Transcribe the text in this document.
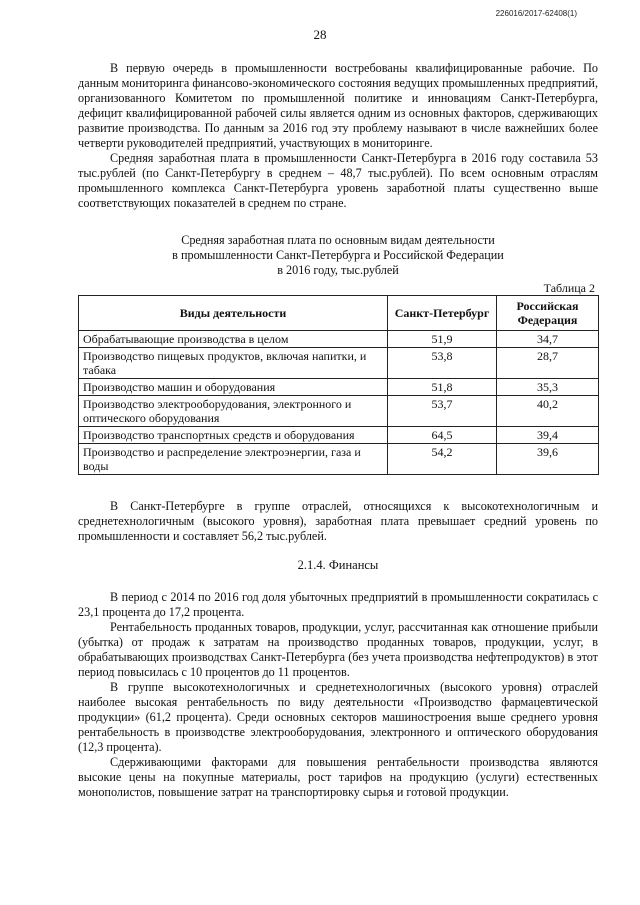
226016/2017-62408(1)
28

В первую очередь в промышленности востребованы квалифицированные рабочие. По данным мониторинга финансово-экономического состояния ведущих промышленных предприятий, организованного Комитетом по промышленной политике и инновациям Санкт-Петербурга, дефицит квалифицированной рабочей силы является одним из основных факторов, сдерживающих развитие производства. По данным за 2016 год эту проблему называют в числе важнейших более четверти руководителей предприятий, участвующих в мониторинге.

Средняя заработная плата в промышленности Санкт-Петербурга в 2016 году составила 53 тыс.рублей (по Санкт-Петербургу в среднем – 48,7 тыс.рублей). По всем основным отраслям промышленного комплекса Санкт-Петербурга уровень заработной платы существенно выше соответствующих показателей в среднем по стране.

Средняя заработная плата по основным видам деятельности
в промышленности Санкт-Петербурга и Российской Федерации
в 2016 году, тыс.рублей
Таблица 2
Виды деятельности	Санкт-Петербург	Российская Федерация
Обрабатывающие производства в целом	51,9	34,7
Производство пищевых продуктов, включая напитки, и табака	53,8	28,7
Производство машин и оборудования	51,8	35,3
Производство электрооборудования, электронного и оптического оборудования	53,7	40,2
Производство транспортных средств и оборудования	64,5	39,4
Производство и распределение электроэнергии, газа и воды	54,2	39,6

В Санкт-Петербурге в группе отраслей, относящихся к высокотехнологичным и среднетехнологичным (высокого уровня), заработная плата превышает средний уровень по промышленности и составляет 56,2 тыс.рублей.

2.1.4. Финансы

В период с 2014 по 2016 год доля убыточных предприятий в промышленности сократилась с 23,1 процента до 17,2 процента.

Рентабельность проданных товаров, продукции, услуг, рассчитанная как отношение прибыли (убытка) от продаж к затратам на производство проданных товаров, продукции, услуг, в обрабатывающих производствах Санкт-Петербурга (без учета производства нефтепродуктов) в этот период повысилась с 10 процентов до 11 процентов.

В группе высокотехнологичных и среднетехнологичных (высокого уровня) отраслей наиболее высокая рентабельность по виду деятельности «Производство фармацевтической продукции» (61,2 процента). Среди основных секторов машиностроения выше среднего уровня рентабельность в производстве электрооборудования, электронного и оптического оборудования (12,3 процента).

Сдерживающими факторами для повышения рентабельности производства являются высокие цены на покупные материалы, рост тарифов на продукцию (услуги) естественных монополистов, повышение затрат на транспортировку сырья и готовой продукции.
